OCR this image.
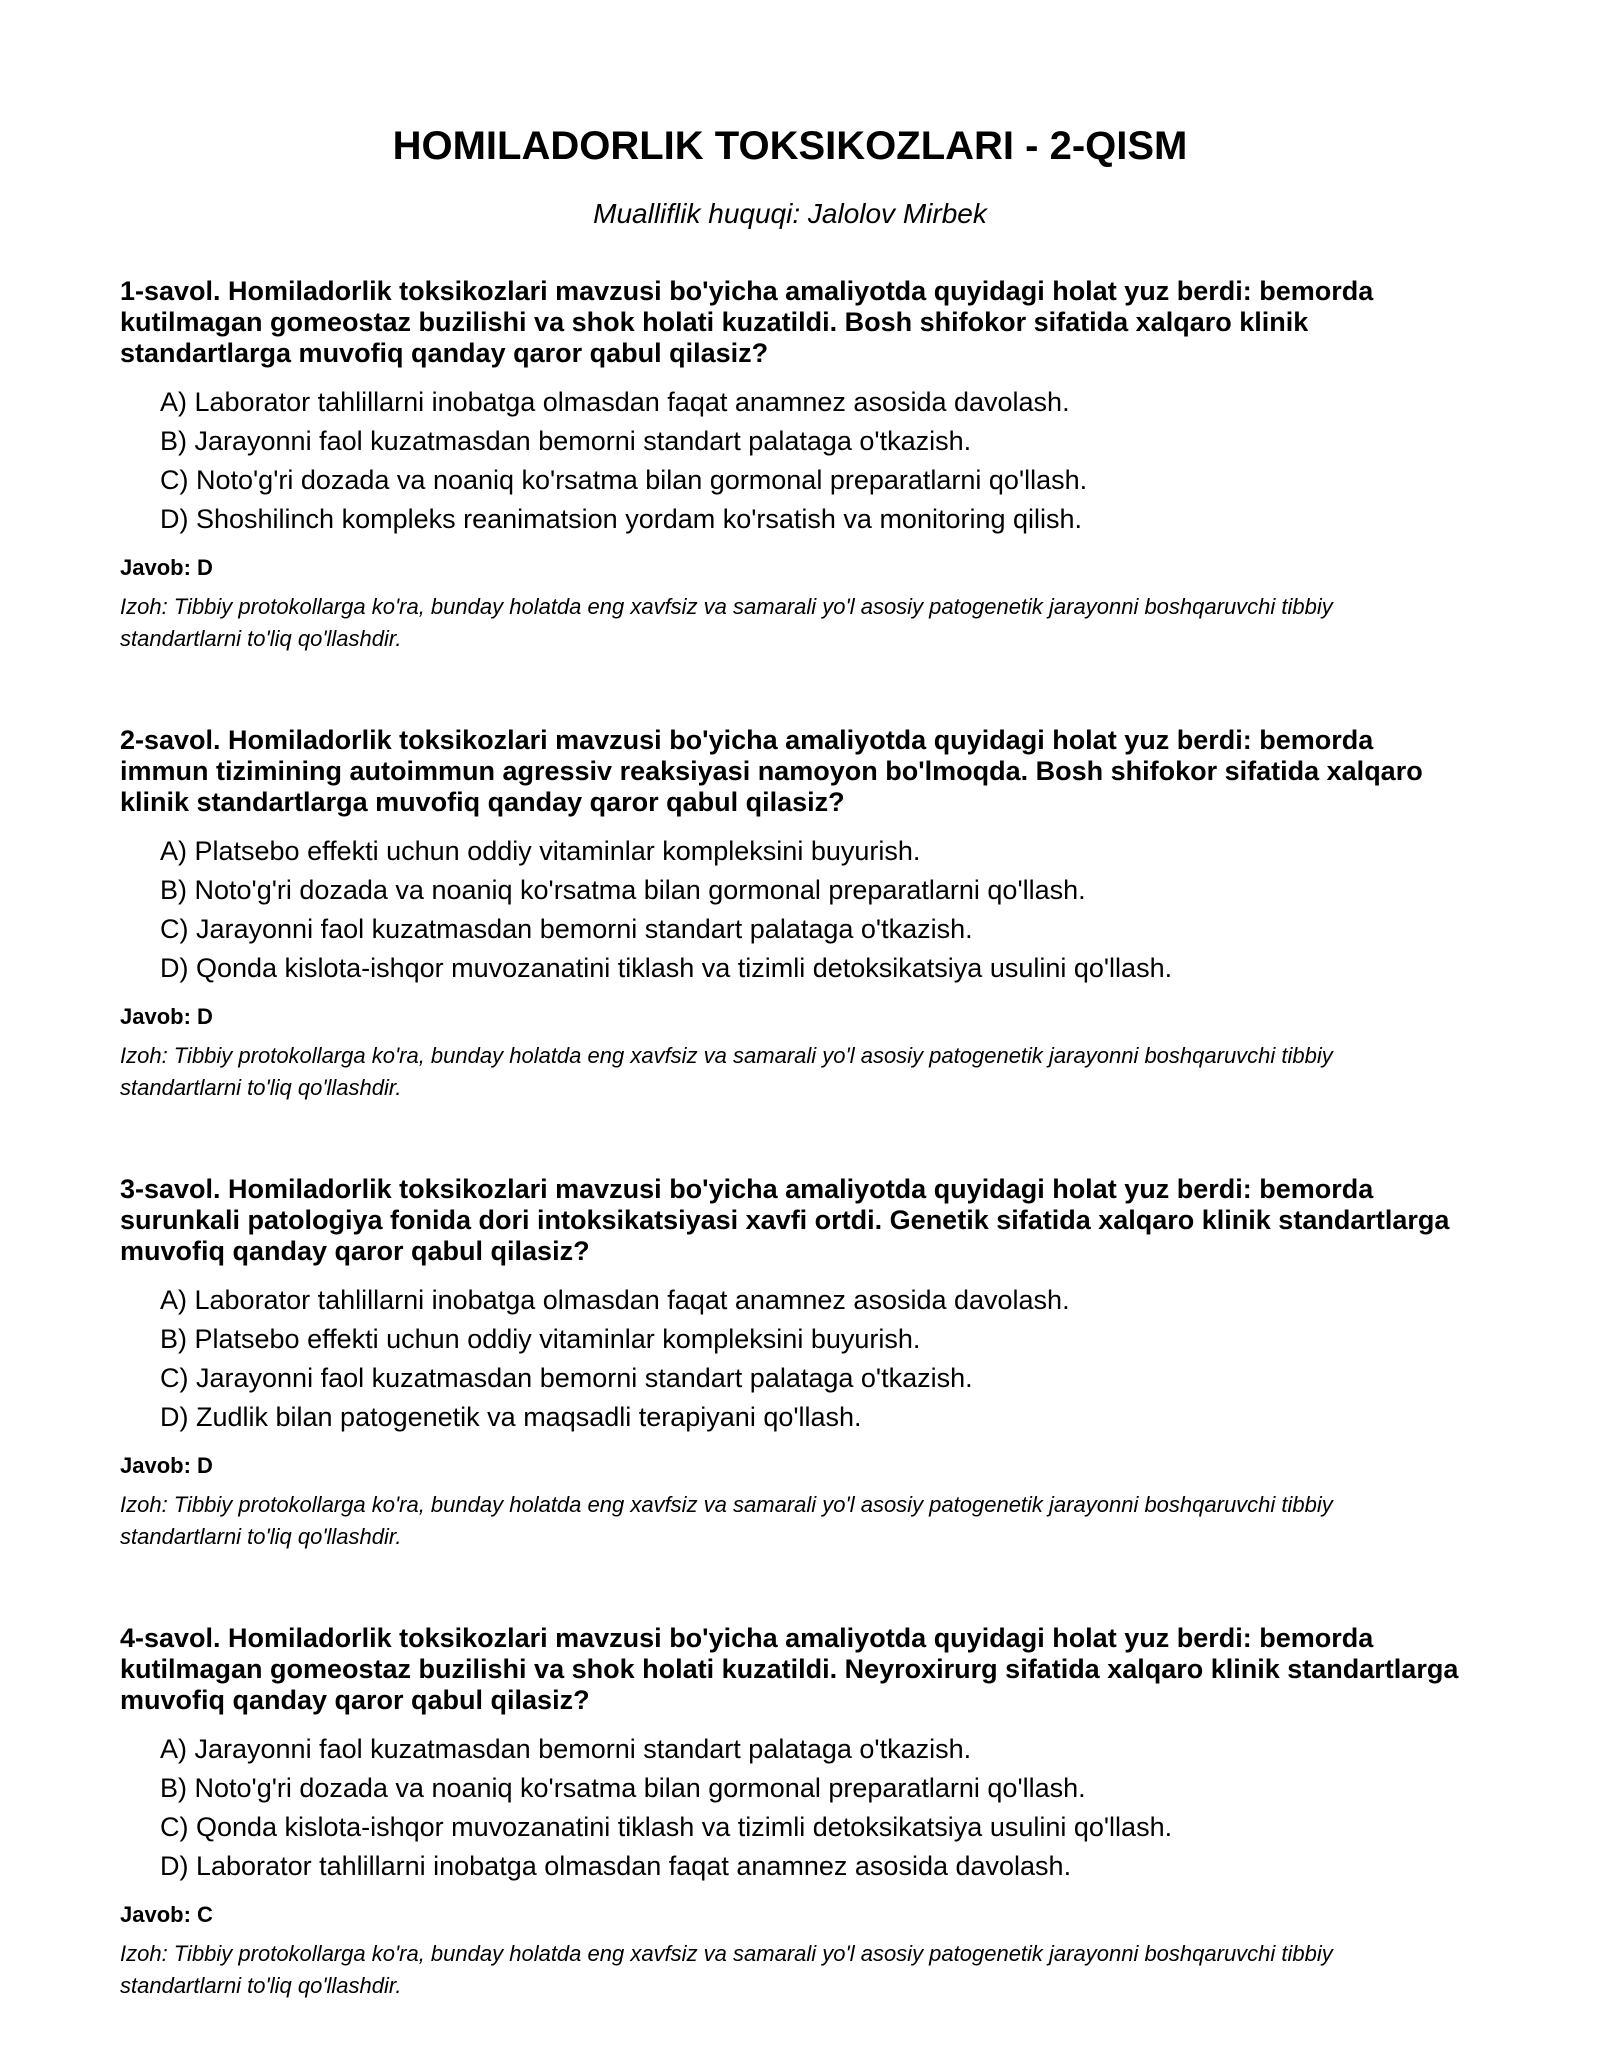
HOMILADORLIK TOKSIKOZLARI - 2-QISM

Mualliflik huquqi: Jalolov Mirbek

1-savol. Homiladorlik toksikozlari mavzusi bo'yicha amaliyotda quyidagi holat yuz berdi: bemorda kutilmagan gomeostaz buzilishi va shok holati kuzatildi. Bosh shifokor sifatida xalqaro klinik standartlarga muvofiq qanday qaror qabul qilasiz?

A) Laborator tahlillarni inobatga olmasdan faqat anamnez asosida davolash.
B) Jarayonni faol kuzatmasdan bemorni standart palataga o'tkazish.
C) Noto'g'ri dozada va noaniq ko'rsatma bilan gormonal preparatlarni qo'llash.
D) Shoshilinch kompleks reanimatsion yordam ko'rsatish va monitoring qilish.

Javob: D

Izoh: Tibbiy protokollarga ko'ra, bunday holatda eng xavfsiz va samarali yo'l asosiy patogenetik jarayonni boshqaruvchi tibbiy standartlarni to'liq qo'llashdir.

2-savol. Homiladorlik toksikozlari mavzusi bo'yicha amaliyotda quyidagi holat yuz berdi: bemorda immun tizimining autoimmun agressiv reaksiyasi namoyon bo'lmoqda. Bosh shifokor sifatida xalqaro klinik standartlarga muvofiq qanday qaror qabul qilasiz?

A) Platsebo effekti uchun oddiy vitaminlar kompleksini buyurish.
B) Noto'g'ri dozada va noaniq ko'rsatma bilan gormonal preparatlarni qo'llash.
C) Jarayonni faol kuzatmasdan bemorni standart palataga o'tkazish.
D) Qonda kislota-ishqor muvozanatini tiklash va tizimli detoksikatsiya usulini qo'llash.

Javob: D

Izoh: Tibbiy protokollarga ko'ra, bunday holatda eng xavfsiz va samarali yo'l asosiy patogenetik jarayonni boshqaruvchi tibbiy standartlarni to'liq qo'llashdir.

3-savol. Homiladorlik toksikozlari mavzusi bo'yicha amaliyotda quyidagi holat yuz berdi: bemorda surunkali patologiya fonida dori intoksikatsiyasi xavfi ortdi. Genetik sifatida xalqaro klinik standartlarga muvofiq qanday qaror qabul qilasiz?

A) Laborator tahlillarni inobatga olmasdan faqat anamnez asosida davolash.
B) Platsebo effekti uchun oddiy vitaminlar kompleksini buyurish.
C) Jarayonni faol kuzatmasdan bemorni standart palataga o'tkazish.
D) Zudlik bilan patogenetik va maqsadli terapiyani qo'llash.

Javob: D

Izoh: Tibbiy protokollarga ko'ra, bunday holatda eng xavfsiz va samarali yo'l asosiy patogenetik jarayonni boshqaruvchi tibbiy standartlarni to'liq qo'llashdir.

4-savol. Homiladorlik toksikozlari mavzusi bo'yicha amaliyotda quyidagi holat yuz berdi: bemorda kutilmagan gomeostaz buzilishi va shok holati kuzatildi. Neyroxirurg sifatida xalqaro klinik standartlarga muvofiq qanday qaror qabul qilasiz?

A) Jarayonni faol kuzatmasdan bemorni standart palataga o'tkazish.
B) Noto'g'ri dozada va noaniq ko'rsatma bilan gormonal preparatlarni qo'llash.
C) Qonda kislota-ishqor muvozanatini tiklash va tizimli detoksikatsiya usulini qo'llash.
D) Laborator tahlillarni inobatga olmasdan faqat anamnez asosida davolash.

Javob: C

Izoh: Tibbiy protokollarga ko'ra, bunday holatda eng xavfsiz va samarali yo'l asosiy patogenetik jarayonni boshqaruvchi tibbiy standartlarni to'liq qo'llashdir.
